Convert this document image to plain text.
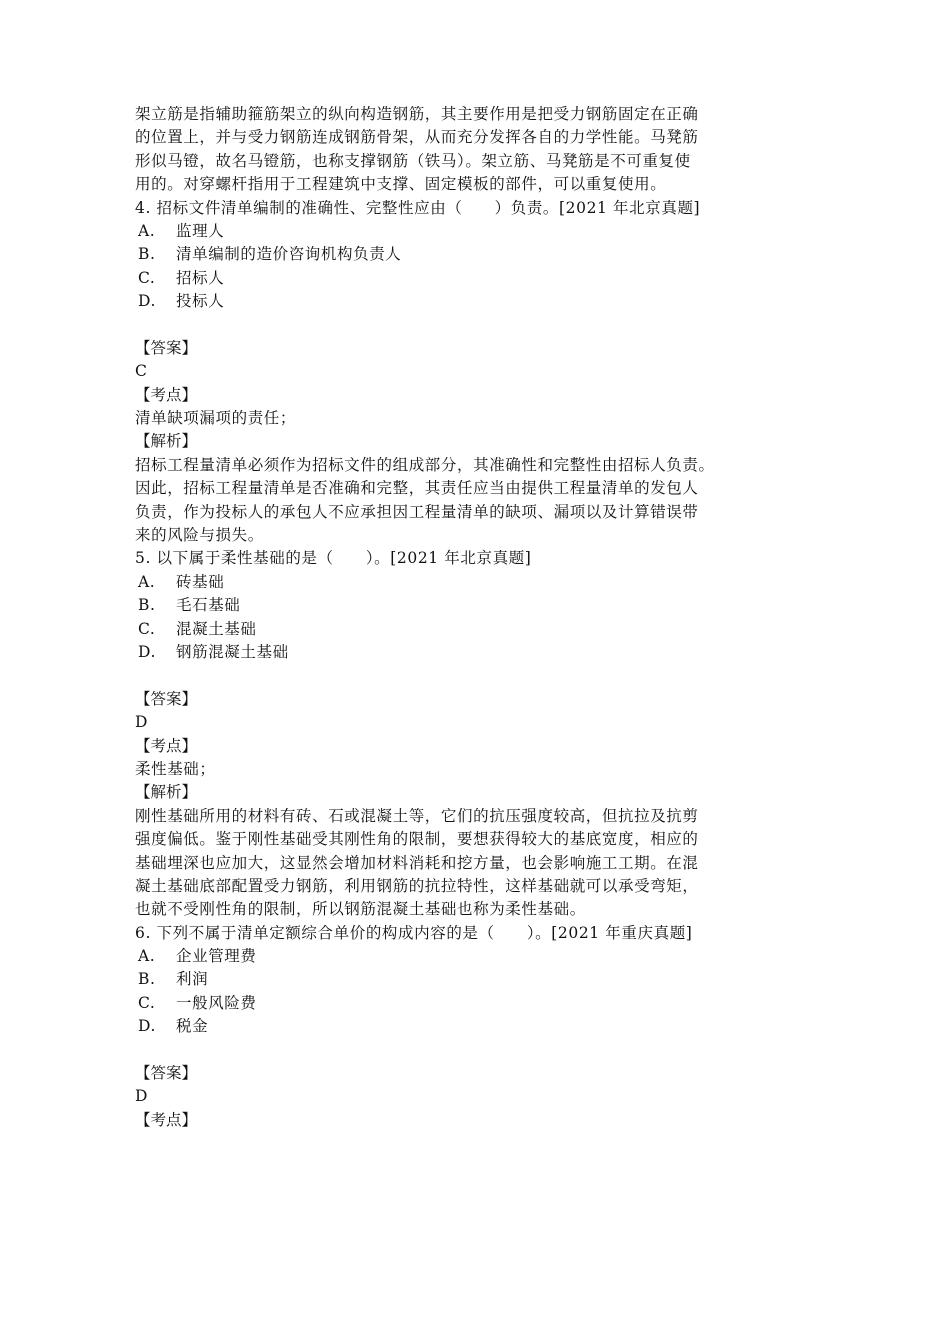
架立筋是指辅助箍筋架立的纵向构造钢筋，其主要作用是把受力钢筋固定在正确
的位置上，并与受力钢筋连成钢筋骨架，从而充分发挥各自的力学性能。马凳筋
形似马镫，故名马镫筋，也称支撑钢筋（铁马）。架立筋、马凳筋是不可重复使
用的。对穿螺杆指用于工程建筑中支撑、固定模板的部件，可以重复使用。
4. 招标文件清单编制的准确性、完整性应由（　　）负责。[2021 年北京真题]
A. 监理人
B. 清单编制的造价咨询机构负责人
C. 招标人
D. 投标人
【答案】
C
【考点】
清单缺项漏项的责任；
【解析】
招标工程量清单必须作为招标文件的组成部分，其准确性和完整性由招标人负责。
因此，招标工程量清单是否准确和完整，其责任应当由提供工程量清单的发包人
负责，作为投标人的承包人不应承担因工程量清单的缺项、漏项以及计算错误带
来的风险与损失。
5. 以下属于柔性基础的是（　　）。[2021 年北京真题]
A. 砖基础
B. 毛石基础
C. 混凝土基础
D. 钢筋混凝土基础
【答案】
D
【考点】
柔性基础；
【解析】
刚性基础所用的材料有砖、石或混凝土等，它们的抗压强度较高，但抗拉及抗剪
强度偏低。鉴于刚性基础受其刚性角的限制，要想获得较大的基底宽度，相应的
基础埋深也应加大，这显然会增加材料消耗和挖方量，也会影响施工工期。在混
凝土基础底部配置受力钢筋，利用钢筋的抗拉特性，这样基础就可以承受弯矩，
也就不受刚性角的限制，所以钢筋混凝土基础也称为柔性基础。
6. 下列不属于清单定额综合单价的构成内容的是（　　）。[2021 年重庆真题]
A. 企业管理费
B. 利润
C. 一般风险费
D. 税金
【答案】
D
【考点】
